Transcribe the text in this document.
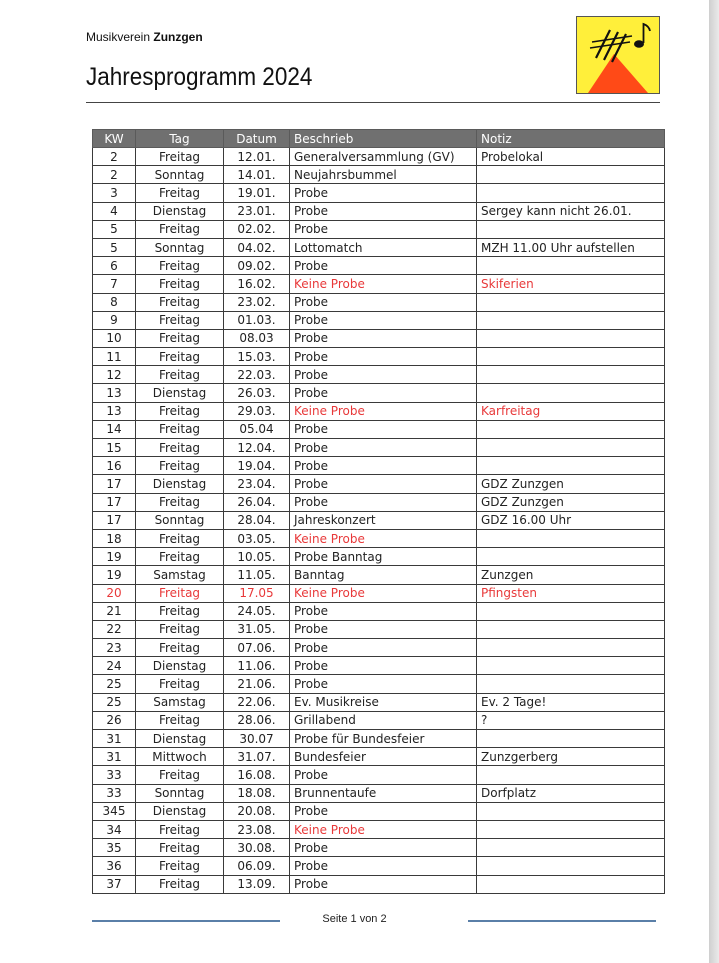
Musikverein Zunzgen
Jahresprogramm 2024
KW	Tag	Datum	Beschrieb	Notiz
2	Freitag	12.01.	Generalversammlung (GV)	Probelokal
2	Sonntag	14.01.	Neujahrsbummel	
3	Freitag	19.01.	Probe	
4	Dienstag	23.01.	Probe	Sergey kann nicht 26.01.
5	Freitag	02.02.	Probe	
5	Sonntag	04.02.	Lottomatch	MZH 11.00 Uhr aufstellen
6	Freitag	09.02.	Probe	
7	Freitag	16.02.	Keine Probe	Skiferien
8	Freitag	23.02.	Probe	
9	Freitag	01.03.	Probe	
10	Freitag	08.03	Probe	
11	Freitag	15.03.	Probe	
12	Freitag	22.03.	Probe	
13	Dienstag	26.03.	Probe	
13	Freitag	29.03.	Keine Probe	Karfreitag
14	Freitag	05.04	Probe	
15	Freitag	12.04.	Probe	
16	Freitag	19.04.	Probe	
17	Dienstag	23.04.	Probe	GDZ Zunzgen
17	Freitag	26.04.	Probe	GDZ Zunzgen
17	Sonntag	28.04.	Jahreskonzert	GDZ 16.00 Uhr
18	Freitag	03.05.	Keine Probe	
19	Freitag	10.05.	Probe Banntag	
19	Samstag	11.05.	Banntag	Zunzgen
20	Freitag	17.05	Keine Probe	Pfingsten
21	Freitag	24.05.	Probe	
22	Freitag	31.05.	Probe	
23	Freitag	07.06.	Probe	
24	Dienstag	11.06.	Probe	
25	Freitag	21.06.	Probe	
25	Samstag	22.06.	Ev. Musikreise	Ev. 2 Tage!
26	Freitag	28.06.	Grillabend	?
31	Dienstag	30.07	Probe für Bundesfeier	
31	Mittwoch	31.07.	Bundesfeier	Zunzgerberg
33	Freitag	16.08.	Probe	
33	Sonntag	18.08.	Brunnentaufe	Dorfplatz
345	Dienstag	20.08.	Probe	
34	Freitag	23.08.	Keine Probe	
35	Freitag	30.08.	Probe	
36	Freitag	06.09.	Probe	
37	Freitag	13.09.	Probe	
Seite 1 von 2
